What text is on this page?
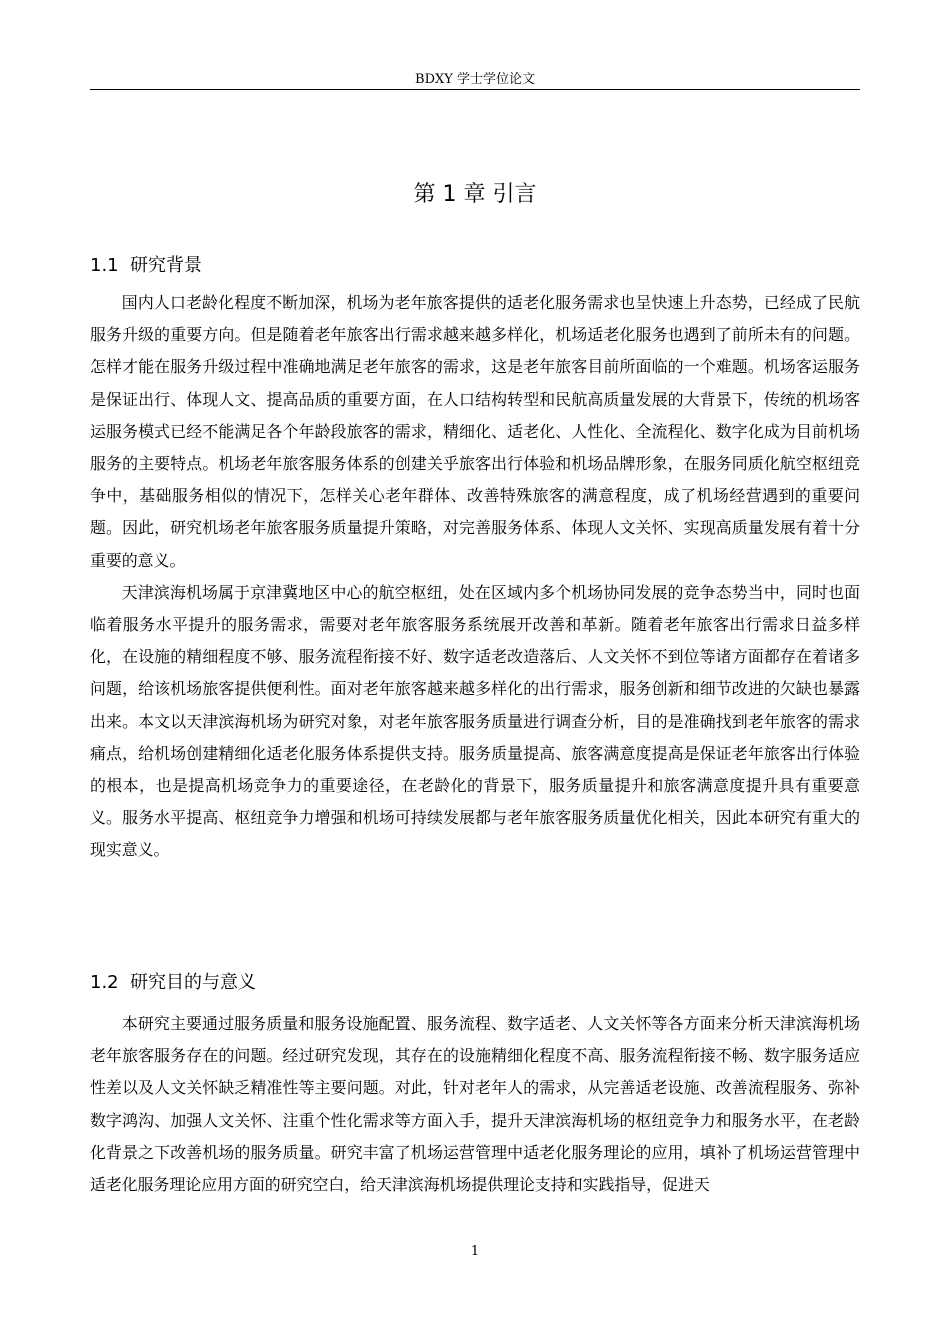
BDXY 学士学位论文
第 1 章 引言
1.1 研究背景

国内人口老龄化程度不断加深，机场为老年旅客提供的适老化服务需求也呈快速上升态势，已经成了民航服务升级的重要方向。但是随着老年旅客出行需求越来越多样化，机场适老化服务也遇到了前所未有的问题。怎样才能在服务升级过程中准确地满足老年旅客的需求，这是老年旅客目前所面临的一个难题。机场客运服务是保证出行、体现人文、提高品质的重要方面，在人口结构转型和民航高质量发展的大背景下，传统的机场客运服务模式已经不能满足各个年龄段旅客的需求，精细化、适老化、人性化、全流程化、数字化成为目前机场服务的主要特点。机场老年旅客服务体系的创建关乎旅客出行体验和机场品牌形象，在服务同质化航空枢纽竞争中，基础服务相似的情况下，怎样关心老年群体、改善特殊旅客的满意程度，成了机场经营遇到的重要问题。因此，研究机场老年旅客服务质量提升策略，对完善服务体系、体现人文关怀、实现高质量发展有着十分重要的意义。

天津滨海机场属于京津冀地区中心的航空枢纽，处在区域内多个机场协同发展的竞争态势当中，同时也面临着服务水平提升的服务需求，需要对老年旅客服务系统展开改善和革新。随着老年旅客出行需求日益多样化，在设施的精细程度不够、服务流程衔接不好、数字适老改造落后、人文关怀不到位等诸方面都存在着诸多问题，给该机场旅客提供便利性。面对老年旅客越来越多样化的出行需求，服务创新和细节改进的欠缺也暴露出来。本文以天津滨海机场为研究对象，对老年旅客服务质量进行调查分析，目的是准确找到老年旅客的需求痛点，给机场创建精细化适老化服务体系提供支持。服务质量提高、旅客满意度提高是保证老年旅客出行体验的根本，也是提高机场竞争力的重要途径，在老龄化的背景下，服务质量提升和旅客满意度提升具有重要意义。服务水平提高、枢纽竞争力增强和机场可持续发展都与老年旅客服务质量优化相关，因此本研究有重大的现实意义。

1.2 研究目的与意义

本研究主要通过服务质量和服务设施配置、服务流程、数字适老、人文关怀等各方面来分析天津滨海机场老年旅客服务存在的问题。经过研究发现，其存在的设施精细化程度不高、服务流程衔接不畅、数字服务适应性差以及人文关怀缺乏精准性等主要问题。对此，针对老年人的需求，从完善适老设施、改善流程服务、弥补数字鸿沟、加强人文关怀、注重个性化需求等方面入手，提升天津滨海机场的枢纽竞争力和服务水平，在老龄化背景之下改善机场的服务质量。研究丰富了机场运营管理中适老化服务理论的应用，填补了机场运营管理中适老化服务理论应用方面的研究空白，给天津滨海机场提供理论支持和实践指导，促进天

1
